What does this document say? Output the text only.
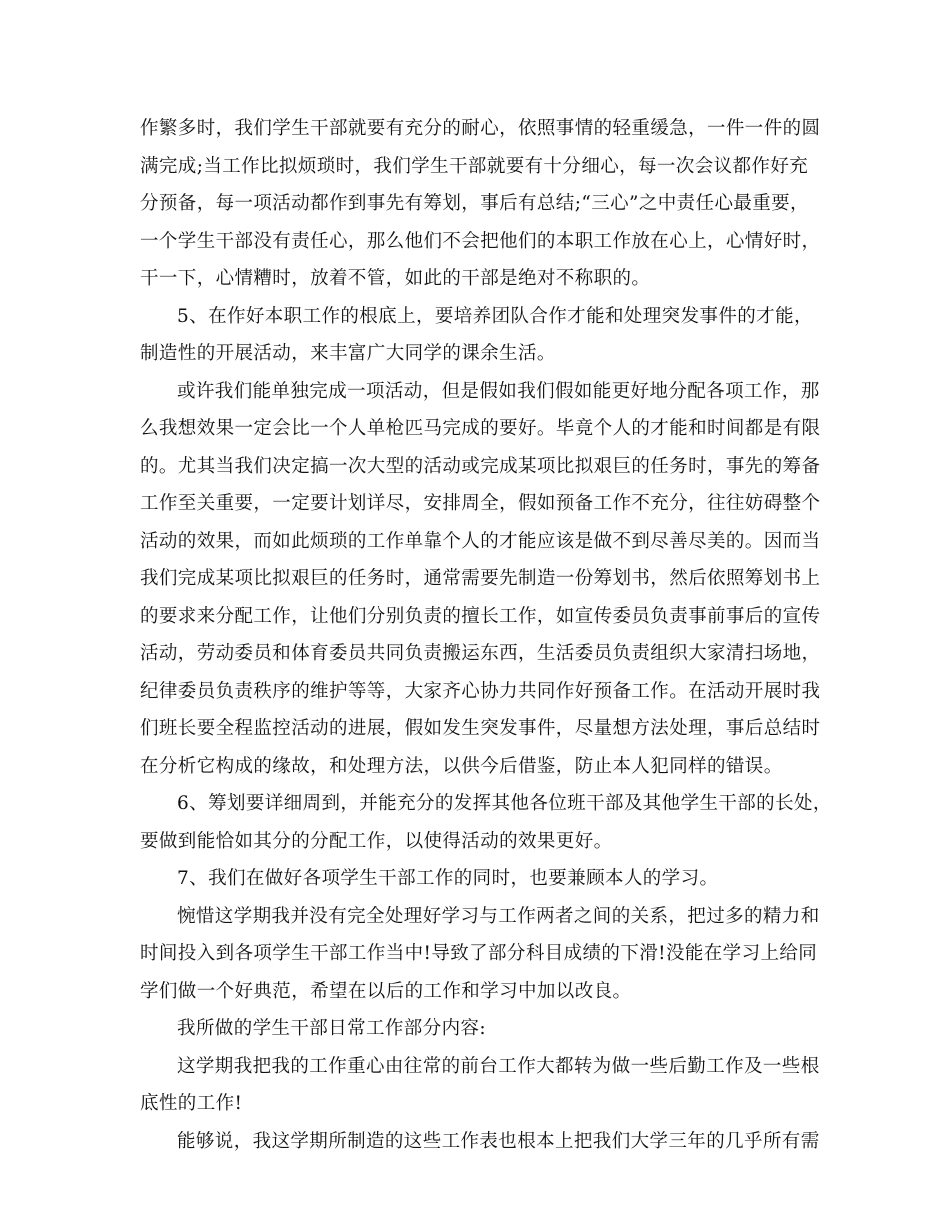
作繁多时，我们学生干部就要有充分的耐心，依照事情的轻重缓急，一件一件的圆
满完成;当工作比拟烦琐时，我们学生干部就要有十分细心，每一次会议都作好充
分预备，每一项活动都作到事先有筹划，事后有总结;“三心”之中责任心最重要，
一个学生干部没有责任心，那么他们不会把他们的本职工作放在心上，心情好时，
干一下，心情糟时，放着不管，如此的干部是绝对不称职的。
5、在作好本职工作的根底上，要培养团队合作才能和处理突发事件的才能，
制造性的开展活动，来丰富广大同学的课余生活。
或许我们能单独完成一项活动，但是假如我们假如能更好地分配各项工作，那
么我想效果一定会比一个人单枪匹马完成的要好。毕竟个人的才能和时间都是有限
的。尤其当我们决定搞一次大型的活动或完成某项比拟艰巨的任务时，事先的筹备
工作至关重要，一定要计划详尽，安排周全，假如预备工作不充分，往往妨碍整个
活动的效果，而如此烦琐的工作单靠个人的才能应该是做不到尽善尽美的。因而当
我们完成某项比拟艰巨的任务时，通常需要先制造一份筹划书，然后依照筹划书上
的要求来分配工作，让他们分别负责的擅长工作，如宣传委员负责事前事后的宣传
活动，劳动委员和体育委员共同负责搬运东西，生活委员负责组织大家清扫场地，
纪律委员负责秩序的维护等等，大家齐心协力共同作好预备工作。在活动开展时我
们班长要全程监控活动的进展，假如发生突发事件，尽量想方法处理，事后总结时
在分析它构成的缘故，和处理方法，以供今后借鉴，防止本人犯同样的错误。
6、筹划要详细周到，并能充分的发挥其他各位班干部及其他学生干部的长处，
要做到能恰如其分的分配工作，以使得活动的效果更好。
7、我们在做好各项学生干部工作的同时，也要兼顾本人的学习。
惋惜这学期我并没有完全处理好学习与工作两者之间的关系，把过多的精力和
时间投入到各项学生干部工作当中!导致了部分科目成绩的下滑!没能在学习上给同
学们做一个好典范，希望在以后的工作和学习中加以改良。
我所做的学生干部日常工作部分内容:
这学期我把我的工作重心由往常的前台工作大都转为做一些后勤工作及一些根
底性的工作!
能够说，我这学期所制造的这些工作表也根本上把我们大学三年的几乎所有需
